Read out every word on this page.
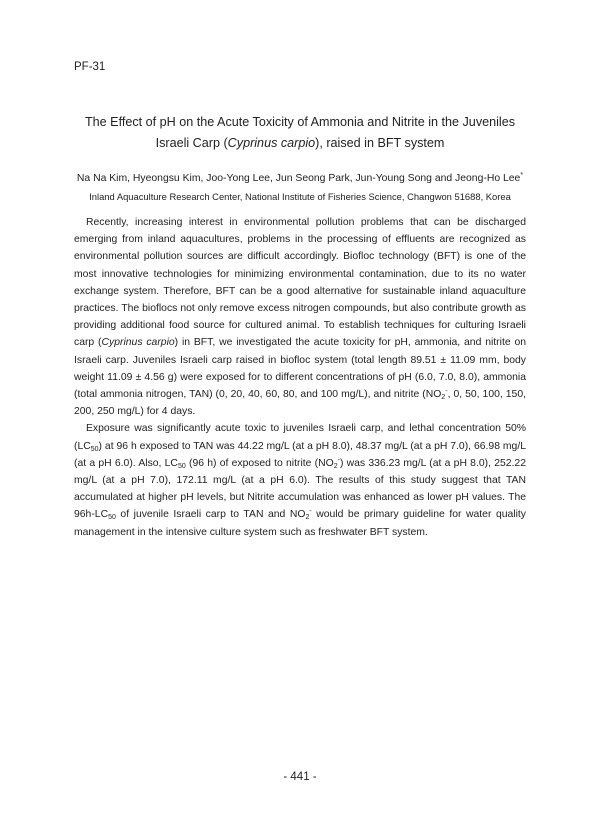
PF-31
The Effect of pH on the Acute Toxicity of Ammonia and Nitrite in the Juveniles
Israeli Carp (Cyprinus carpio), raised in BFT system
Na Na Kim, Hyeongsu Kim, Joo-Yong Lee, Jun Seong Park, Jun-Young Song and Jeong-Ho Lee*
Inland Aquaculture Research Center, National Institute of Fisheries Science, Changwon 51688, Korea

Recently, increasing interest in environmental pollution problems that can be discharged emerging from inland aquacultures, problems in the processing of effluents are recognized as environmental pollution sources are difficult accordingly. Biofloc technology (BFT) is one of the most innovative technologies for minimizing environmental contamination, due to its no water exchange system. Therefore, BFT can be a good alternative for sustainable inland aquaculture practices. The bioflocs not only remove excess nitrogen compounds, but also contribute growth as providing additional food source for cultured animal. To establish techniques for culturing Israeli carp (Cyprinus carpio) in BFT, we investigated the acute toxicity for pH, ammonia, and nitrite on Israeli carp. Juveniles Israeli carp raised in biofloc system (total length 89.51 ± 11.09 mm, body weight 11.09 ± 4.56 g) were exposed for to different concentrations of pH (6.0, 7.0, 8.0), ammonia (total ammonia nitrogen, TAN) (0, 20, 40, 60, 80, and 100 mg/L), and nitrite ($NO_2^-$, 0, 50, 100, 150, 200, 250 mg/L) for 4 days.

Exposure was significantly acute toxic to juveniles Israeli carp, and lethal concentration 50% $(LC_{50})$ at 96 h exposed to TAN was 44.22 mg/L (at a pH 8.0), 48.37 mg/L (at a pH 7.0), 66.98 mg/L (at a pH 6.0). Also, $LC_{50}$ (96 h) of exposed to nitrite $(NO_2^-)$ was 336.23 mg/L (at a pH 8.0), 252.22 mg/L (at a pH 7.0), 172.11 mg/L (at a pH 6.0). The results of this study suggest that TAN accumulated at higher pH levels, but Nitrite accumulation was enhanced as lower pH values. The $96h-LC_{50}$ of juvenile Israeli carp to TAN and $NO_2^-$ would be primary guideline for water quality management in the intensive culture system such as freshwater BFT system.

- 441 -
